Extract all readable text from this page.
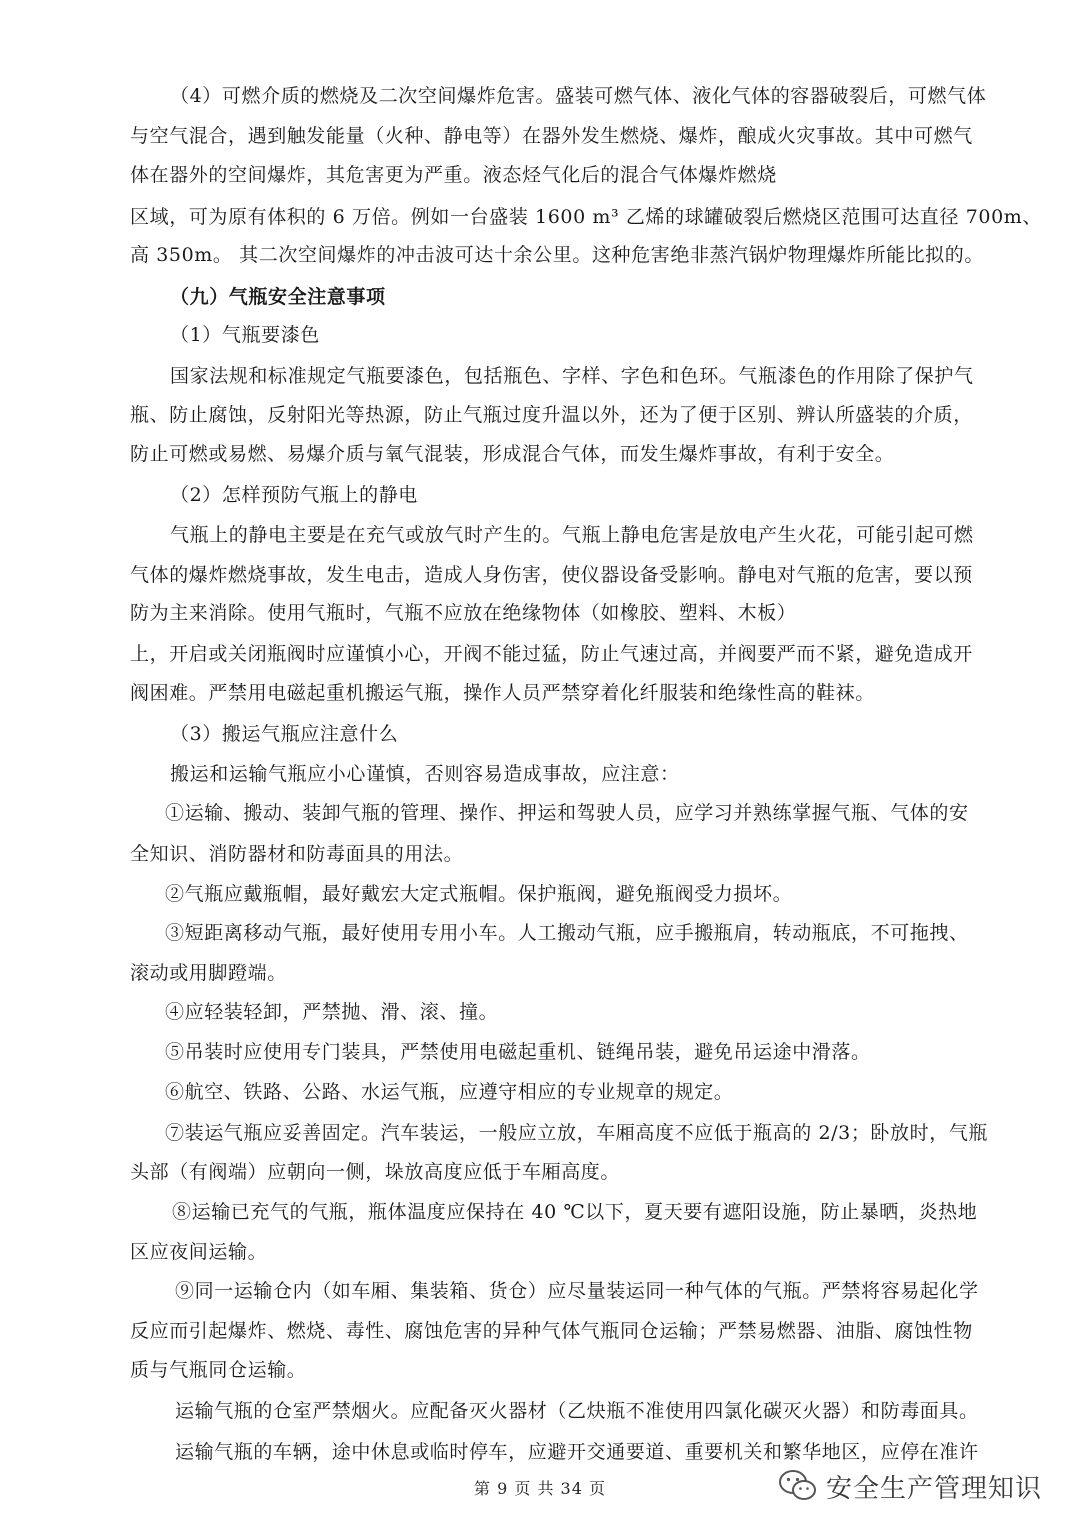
（4）可燃介质的燃烧及二次空间爆炸危害。盛装可燃气体、液化气体的容器破裂后，可燃气体
与空气混合，遇到触发能量（火种、静电等）在器外发生燃烧、爆炸，酿成火灾事故。其中可燃气
体在器外的空间爆炸，其危害更为严重。液态烃气化后的混合气体爆炸燃烧
区域，可为原有体积的 6 万倍。例如一台盛装 1600 m³ 乙烯的球罐破裂后燃烧区范围可达直径 700m、
高 350m。 其二次空间爆炸的冲击波可达十余公里。这种危害绝非蒸汽锅炉物理爆炸所能比拟的。
（九）气瓶安全注意事项
（1）气瓶要漆色
国家法规和标准规定气瓶要漆色，包括瓶色、字样、字色和色环。气瓶漆色的作用除了保护气
瓶、防止腐蚀，反射阳光等热源，防止气瓶过度升温以外，还为了便于区别、辨认所盛装的介质，
防止可燃或易燃、易爆介质与氧气混装，形成混合气体，而发生爆炸事故，有利于安全。
（2）怎样预防气瓶上的静电
气瓶上的静电主要是在充气或放气时产生的。气瓶上静电危害是放电产生火花，可能引起可燃
气体的爆炸燃烧事故，发生电击，造成人身伤害，使仪器设备受影响。静电对气瓶的危害，要以预
防为主来消除。使用气瓶时，气瓶不应放在绝缘物体（如橡胶、塑料、木板）
上，开启或关闭瓶阀时应谨慎小心，开阀不能过猛，防止气速过高，并阀要严而不紧，避免造成开
阀困难。严禁用电磁起重机搬运气瓶，操作人员严禁穿着化纤服装和绝缘性高的鞋袜。
（3）搬运气瓶应注意什么
搬运和运输气瓶应小心谨慎，否则容易造成事故，应注意：
①运输、搬动、装卸气瓶的管理、操作、押运和驾驶人员，应学习并熟练掌握气瓶、气体的安
全知识、消防器材和防毒面具的用法。
②气瓶应戴瓶帽，最好戴宏大定式瓶帽。保护瓶阀，避免瓶阀受力损坏。
③短距离移动气瓶，最好使用专用小车。人工搬动气瓶，应手搬瓶肩，转动瓶底，不可拖拽、
滚动或用脚蹬端。
④应轻装轻卸，严禁抛、滑、滚、撞。
⑤吊装时应使用专门装具，严禁使用电磁起重机、链绳吊装，避免吊运途中滑落。
⑥航空、铁路、公路、水运气瓶，应遵守相应的专业规章的规定。
⑦装运气瓶应妥善固定。汽车装运，一般应立放，车厢高度不应低于瓶高的 2/3；卧放时，气瓶
头部（有阀端）应朝向一侧，垛放高度应低于车厢高度。
⑧运输已充气的气瓶，瓶体温度应保持在 40 ℃以下，夏天要有遮阳设施，防止暴晒，炎热地
区应夜间运输。
⑨同一运输仓内（如车厢、集装箱、货仓）应尽量装运同一种气体的气瓶。严禁将容易起化学
反应而引起爆炸、燃烧、毒性、腐蚀危害的异种气体气瓶同仓运输；严禁易燃器、油脂、腐蚀性物
质与气瓶同仓运输。
运输气瓶的仓室严禁烟火。应配备灭火器材（乙炔瓶不准使用四氯化碳灭火器）和防毒面具。
运输气瓶的车辆，途中休息或临时停车，应避开交通要道、重要机关和繁华地区，应停在准许
第 9 页 共 34 页	安全生产管理知识
